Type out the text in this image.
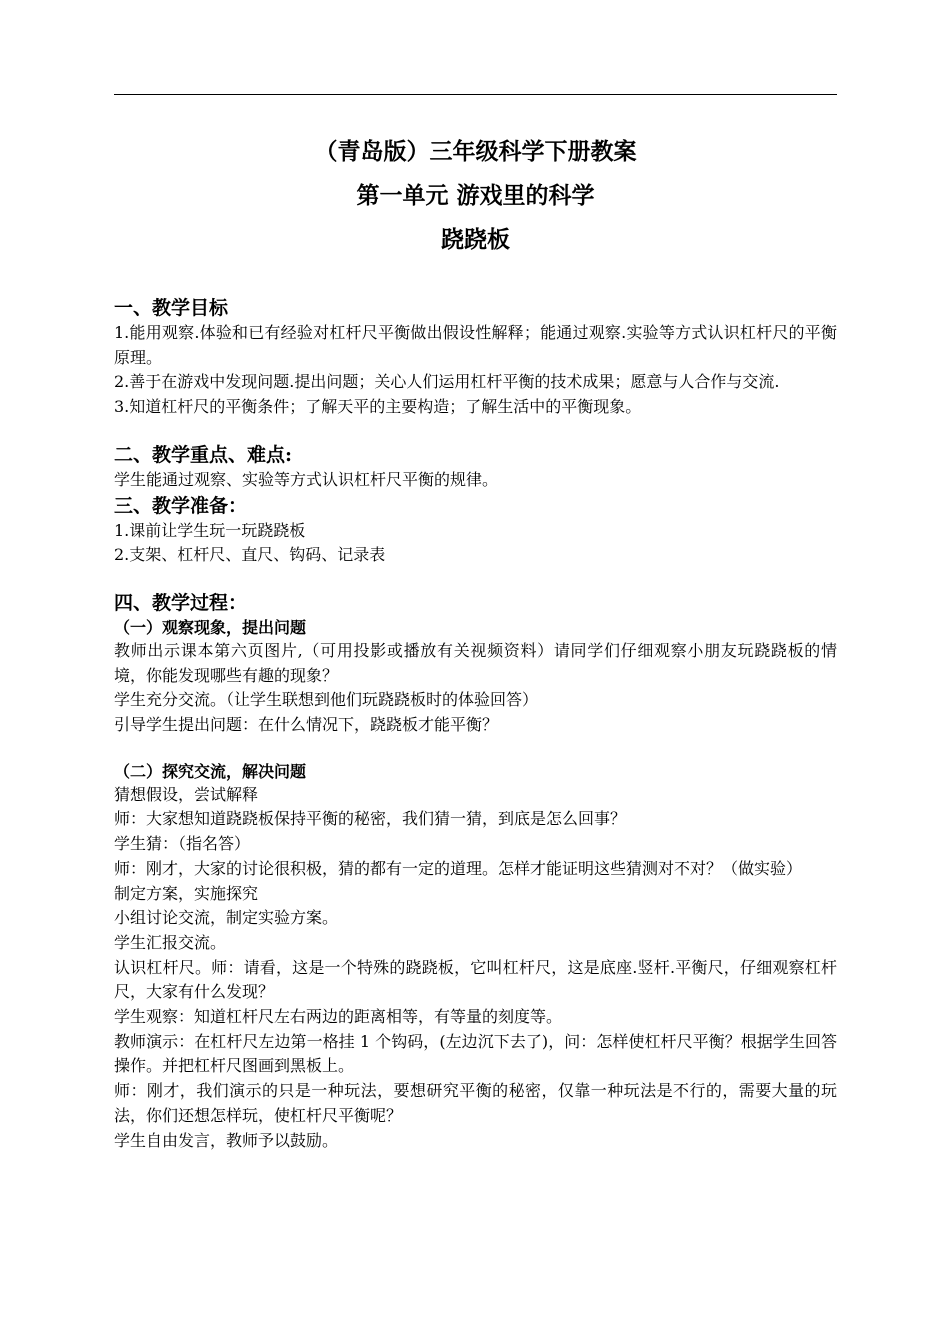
（青岛版）三年级科学下册教案
第一单元 游戏里的科学
跷跷板
一、教学目标
1.能用观察.体验和已有经验对杠杆尺平衡做出假设性解释；能通过观察.实验等方式认识杠杆尺的平衡原理。
2.善于在游戏中发现问题.提出问题；关心人们运用杠杆平衡的技术成果；愿意与人合作与交流.
3.知道杠杆尺的平衡条件；了解天平的主要构造；了解生活中的平衡现象。
二、教学重点、难点:
学生能通过观察、实验等方式认识杠杆尺平衡的规律。
三、教学准备：
1.课前让学生玩一玩跷跷板
2.支架、杠杆尺、直尺、钩码、记录表
四、教学过程：
（一）观察现象，提出问题
教师出示课本第六页图片,（可用投影或播放有关视频资料）请同学们仔细观察小朋友玩跷跷板的情境，你能发现哪些有趣的现象？
学生充分交流。（让学生联想到他们玩跷跷板时的体验回答）
引导学生提出问题：在什么情况下，跷跷板才能平衡？
（二）探究交流，解决问题
猜想假设，尝试解释
师：大家想知道跷跷板保持平衡的秘密，我们猜一猜，到底是怎么回事？
学生猜：（指名答）
师：刚才，大家的讨论很积极，猜的都有一定的道理。怎样才能证明这些猜测对不对？（做实验）
制定方案，实施探究
小组讨论交流，制定实验方案。
学生汇报交流。
认识杠杆尺。师：请看，这是一个特殊的跷跷板，它叫杠杆尺，这是底座.竖杆.平衡尺，仔细观察杠杆尺，大家有什么发现？
学生观察：知道杠杆尺左右两边的距离相等，有等量的刻度等。
教师演示：在杠杆尺左边第一格挂 1 个钩码，(左边沉下去了)，问：怎样使杠杆尺平衡？根据学生回答操作。并把杠杆尺图画到黑板上。
师：刚才，我们演示的只是一种玩法，要想研究平衡的秘密，仅靠一种玩法是不行的，需要大量的玩法，你们还想怎样玩，使杠杆尺平衡呢？
学生自由发言，教师予以鼓励。
